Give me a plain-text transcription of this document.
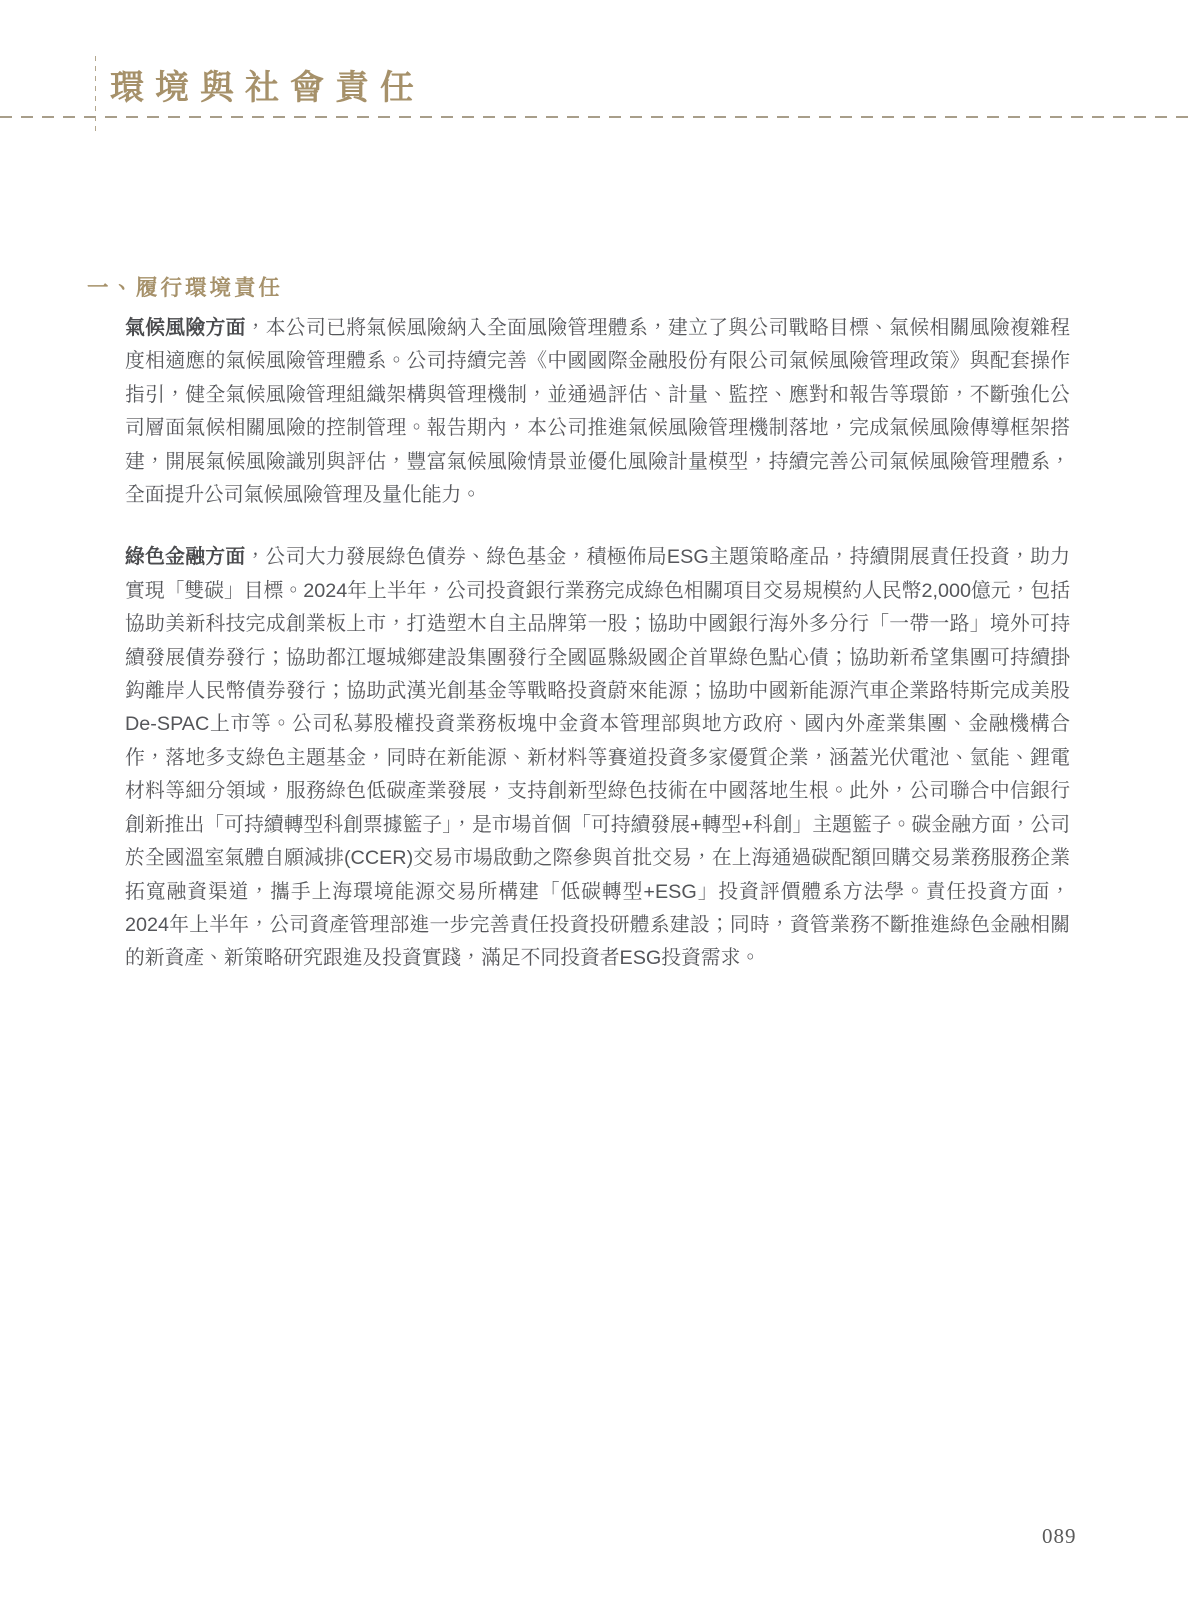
環境與社會責任
一、履行環境責任

氣候風險方面，本公司已將氣候風險納入全面風險管理體系，建立了與公司戰略目標、氣候相關風險複雜程度相適應的氣候風險管理體系。公司持續完善《中國國際金融股份有限公司氣候風險管理政策》與配套操作指引，健全氣候風險管理組織架構與管理機制，並通過評估、計量、監控、應對和報告等環節，不斷強化公司層面氣候相關風險的控制管理。報告期內，本公司推進氣候風險管理機制落地，完成氣候風險傳導框架搭建，開展氣候風險識別與評估，豐富氣候風險情景並優化風險計量模型，持續完善公司氣候風險管理體系，全面提升公司氣候風險管理及量化能力。

綠色金融方面，公司大力發展綠色債券、綠色基金，積極佈局ESG主題策略產品，持續開展責任投資，助力實現「雙碳」目標。2024年上半年，公司投資銀行業務完成綠色相關項目交易規模約人民幣2,000億元，包括協助美新科技完成創業板上市，打造塑木自主品牌第一股；協助中國銀行海外多分行「一帶一路」境外可持續發展債券發行；協助都江堰城鄉建設集團發行全國區縣級國企首單綠色點心債；協助新希望集團可持續掛鈎離岸人民幣債券發行；協助武漢光創基金等戰略投資蔚來能源；協助中國新能源汽車企業路特斯完成美股De-SPAC上市等。公司私募股權投資業務板塊中金資本管理部與地方政府、國內外產業集團、金融機構合作，落地多支綠色主題基金，同時在新能源、新材料等賽道投資多家優質企業，涵蓋光伏電池、氫能、鋰電材料等細分領域，服務綠色低碳產業發展，支持創新型綠色技術在中國落地生根。此外，公司聯合中信銀行創新推出「可持續轉型科創票據籃子」，是市場首個「可持續發展+轉型+科創」主題籃子。碳金融方面，公司於全國溫室氣體自願減排(CCER)交易市場啟動之際參與首批交易，在上海通過碳配額回購交易業務服務企業拓寬融資渠道，攜手上海環境能源交易所構建「低碳轉型+ESG」投資評價體系方法學。責任投資方面，2024年上半年，公司資產管理部進一步完善責任投資投研體系建設；同時，資管業務不斷推進綠色金融相關的新資產、新策略研究跟進及投資實踐，滿足不同投資者ESG投資需求。

089
